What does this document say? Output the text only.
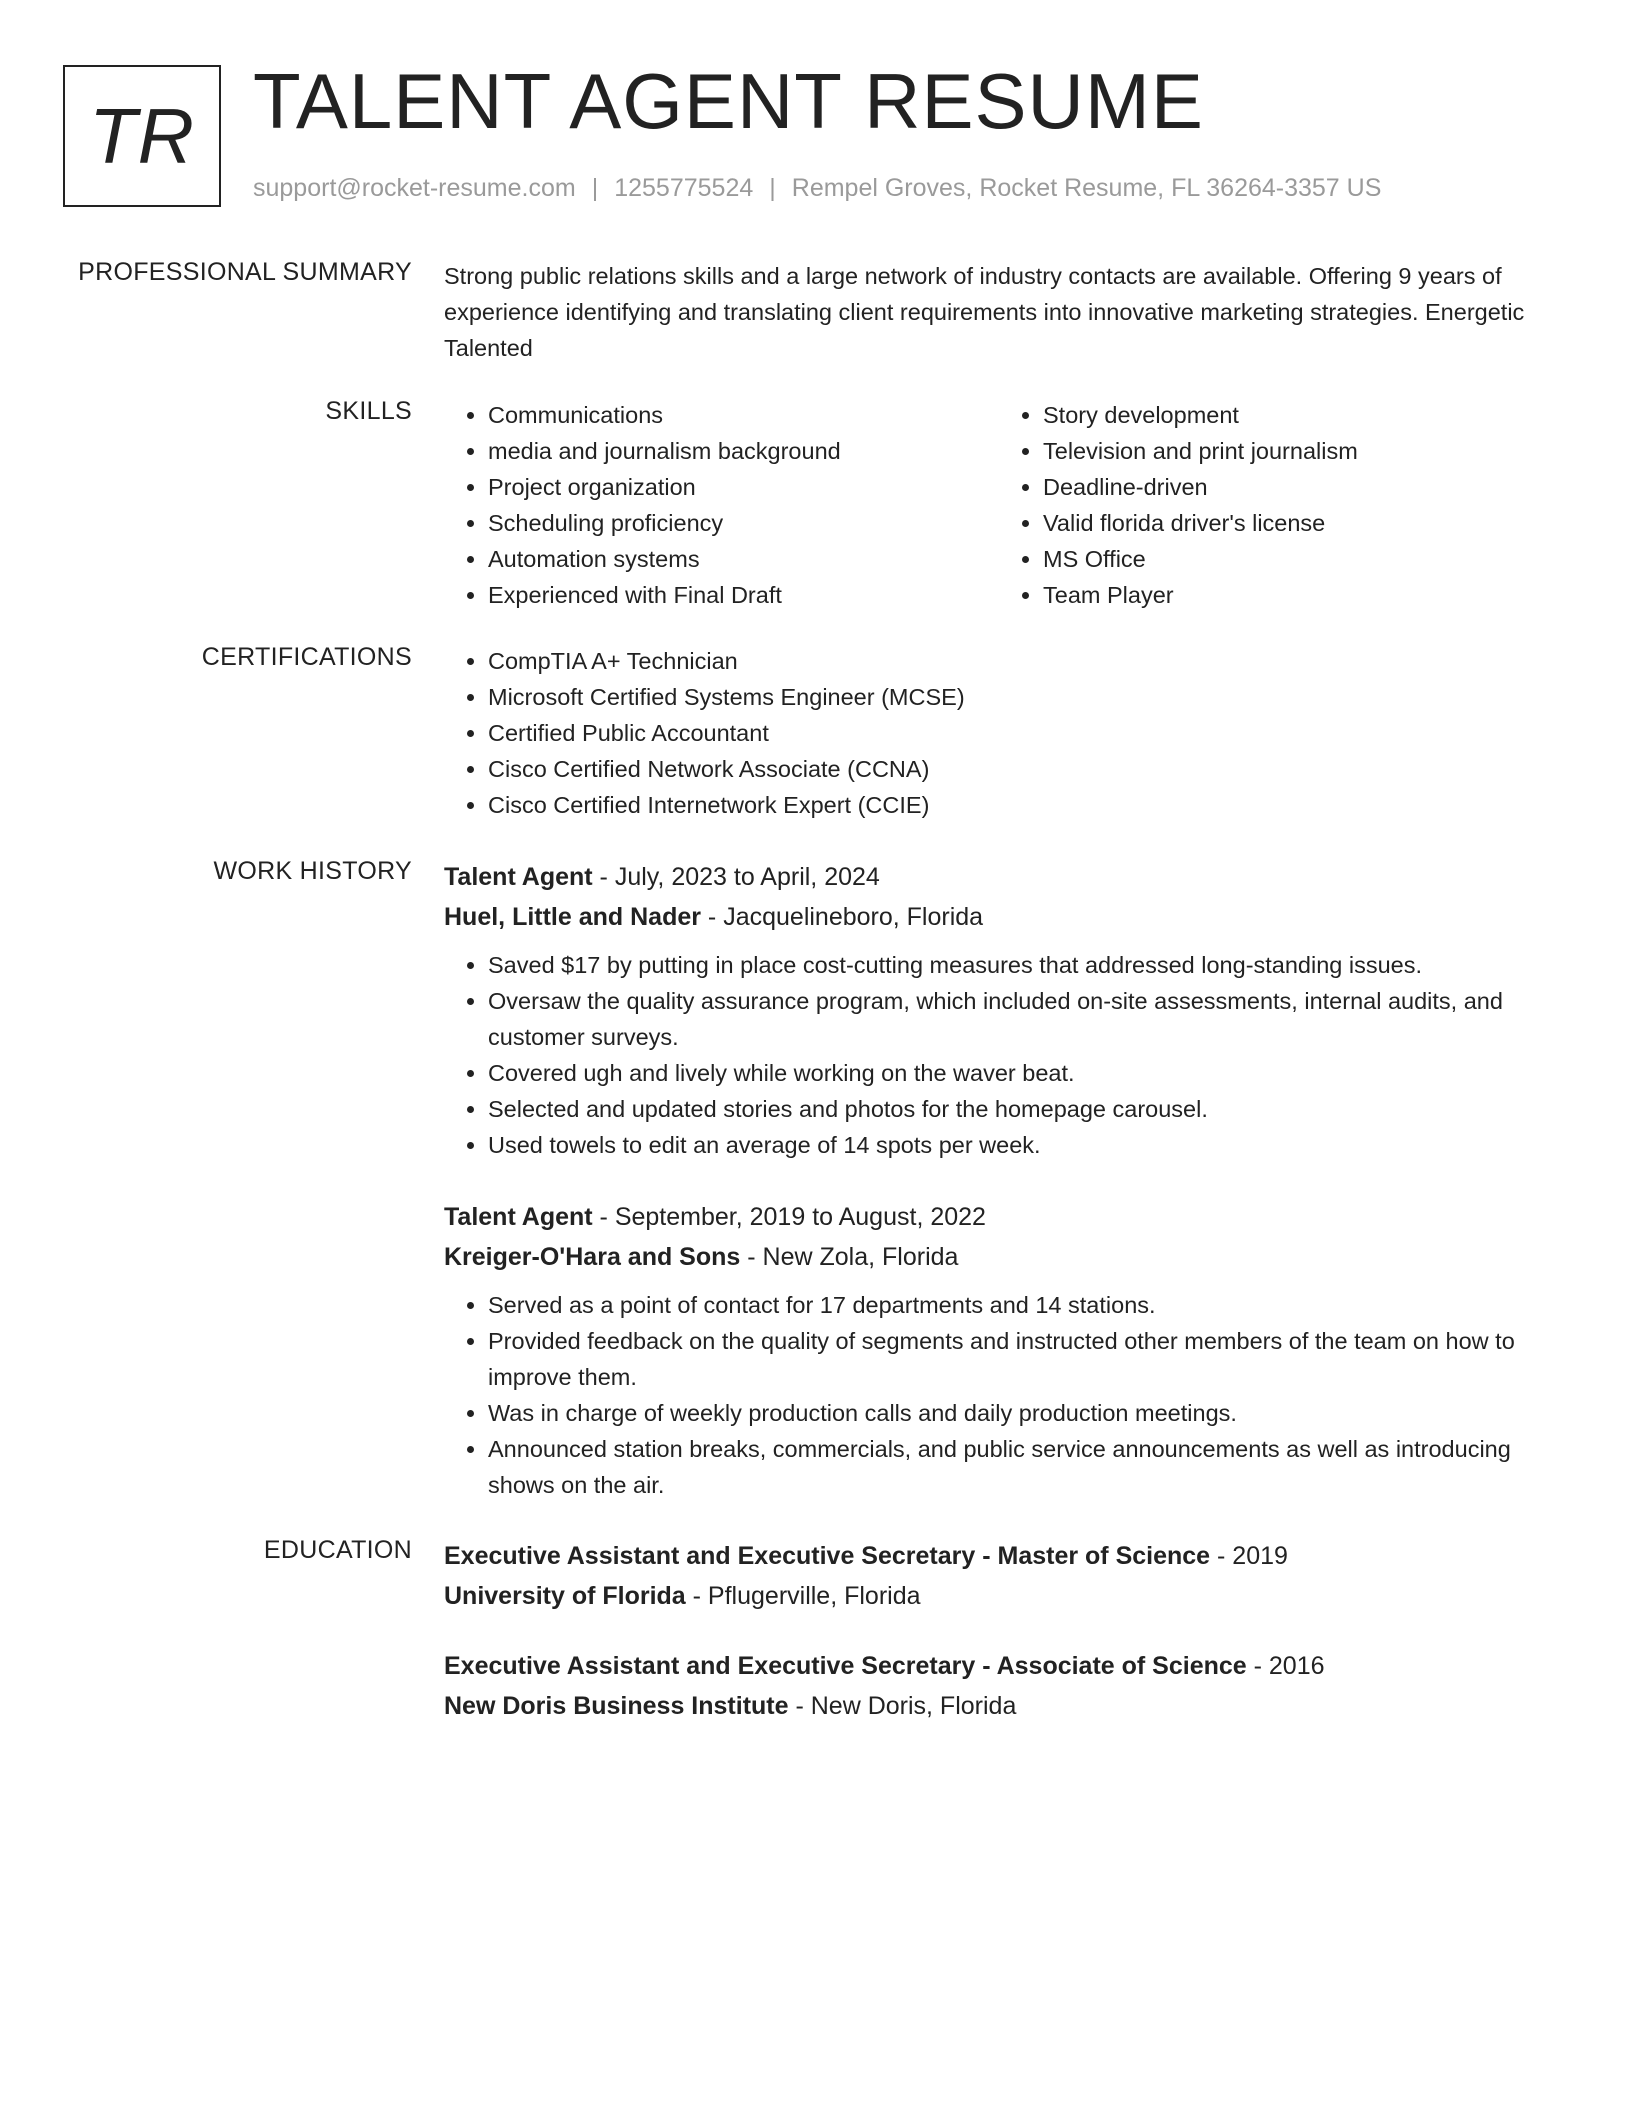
TR TALENT AGENT RESUME
support@rocket-resume.com | 1255775524 | Rempel Groves, Rocket Resume, FL 36264-3357 US
PROFESSIONAL SUMMARY Strong public relations skills and a large network of industry contacts are available. Offering 9 years of experience identifying and translating client requirements into innovative marketing strategies. Energetic Talented
SKILLS	• Communications
• media and journalism background
• Project organization
• Scheduling proficiency
• Automation systems
• Experienced with Final Draft
• Story development
• Television and print journalism
• Deadline-driven
• Valid florida driver's license
• MS Office
• Team Player
CERTIFICATIONS	• CompTIA A+ Technician
• Microsoft Certified Systems Engineer (MCSE)
• Certified Public Accountant
• Cisco Certified Network Associate (CCNA)
• Cisco Certified Internetwork Expert (CCIE)
WORK HISTORY Talent Agent - July, 2023 to April, 2024
Huel, Little and Nader - Jacquelineboro, Florida
• Saved $17 by putting in place cost-cutting measures that addressed long-standing issues.
• Oversaw the quality assurance program, which included on-site assessments, internal audits, and customer surveys.
• Covered ugh and lively while working on the waver beat.
• Selected and updated stories and photos for the homepage carousel.
• Used towels to edit an average of 14 spots per week.
Talent Agent - September, 2019 to August, 2022
Kreiger-O'Hara and Sons - New Zola, Florida
• Served as a point of contact for 17 departments and 14 stations.
• Provided feedback on the quality of segments and instructed other members of the team on how to improve them.
• Was in charge of weekly production calls and daily production meetings.
• Announced station breaks, commercials, and public service announcements as well as introducing shows on the air.
EDUCATION Executive Assistant and Executive Secretary - Master of Science - 2019
University of Florida - Pflugerville, Florida
Executive Assistant and Executive Secretary - Associate of Science - 2016
New Doris Business Institute - New Doris, Florida
